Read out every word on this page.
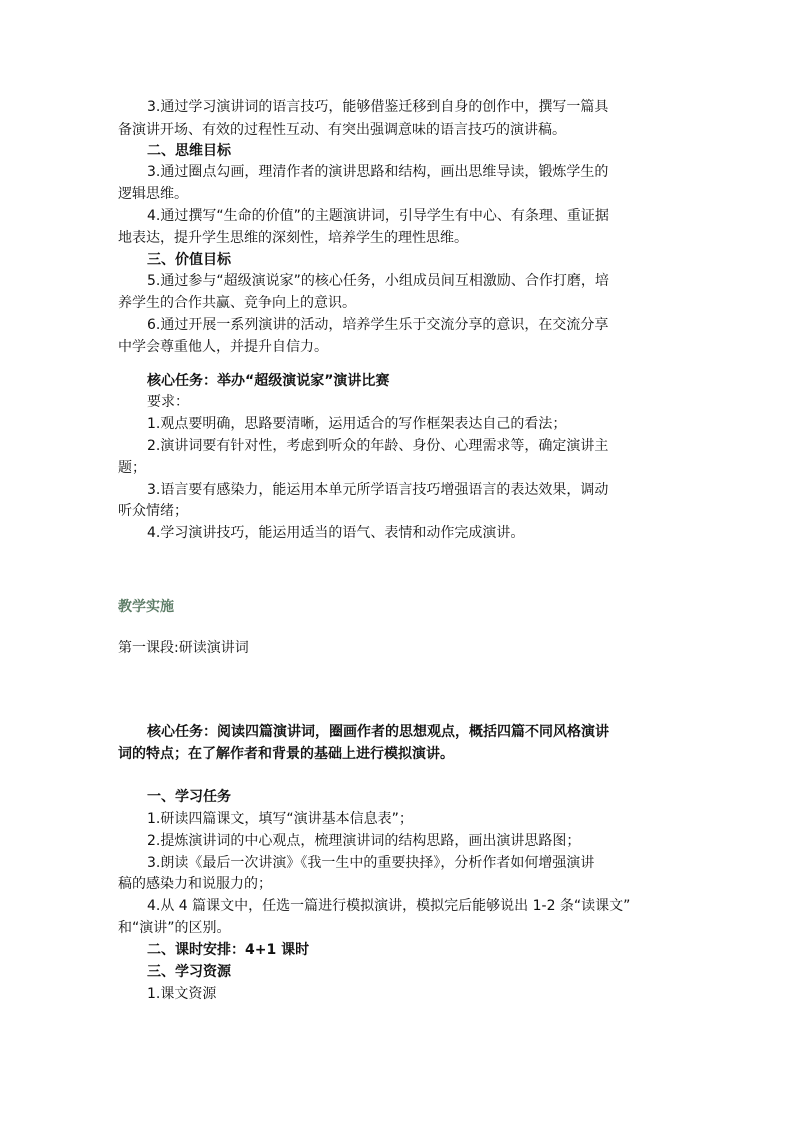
3.通过学习演讲词的语言技巧，能够借鉴迁移到自身的创作中，撰写一篇具
备演讲开场、有效的过程性互动、有突出强调意味的语言技巧的演讲稿。
二、思维目标
3.通过圈点勾画，理清作者的演讲思路和结构，画出思维导读，锻炼学生的
逻辑思维。
4.通过撰写“生命的价值”的主题演讲词，引导学生有中心、有条理、重证据
地表达，提升学生思维的深刻性，培养学生的理性思维。
三、价值目标
5.通过参与“超级演说家”的核心任务，小组成员间互相激励、合作打磨，培
养学生的合作共赢、竞争向上的意识。
6.通过开展一系列演讲的活动，培养学生乐于交流分享的意识，在交流分享
中学会尊重他人，并提升自信力。
核心任务：举办“超级演说家”演讲比赛
要求：
1.观点要明确，思路要清晰，运用适合的写作框架表达自己的看法；
2.演讲词要有针对性，考虑到听众的年龄、身份、心理需求等，确定演讲主
题；
3.语言要有感染力，能运用本单元所学语言技巧增强语言的表达效果，调动
听众情绪；
4.学习演讲技巧，能运用适当的语气、表情和动作完成演讲。
教学实施
第一课段:研读演讲词
核心任务：阅读四篇演讲词，圈画作者的思想观点，概括四篇不同风格演讲
词的特点；在了解作者和背景的基础上进行模拟演讲。
一、学习任务
1.研读四篇课文，填写“演讲基本信息表”；
2.提炼演讲词的中心观点，梳理演讲词的结构思路，画出演讲思路图；
3.朗读《最后一次讲演》《我一生中的重要抉择》，分析作者如何增强演讲
稿的感染力和说服力的；
4.从 4 篇课文中，任选一篇进行模拟演讲，模拟完后能够说出 1-2 条“读课文”
和“演讲”的区别。
二、课时安排：4+1 课时
三、学习资源
1.课文资源
